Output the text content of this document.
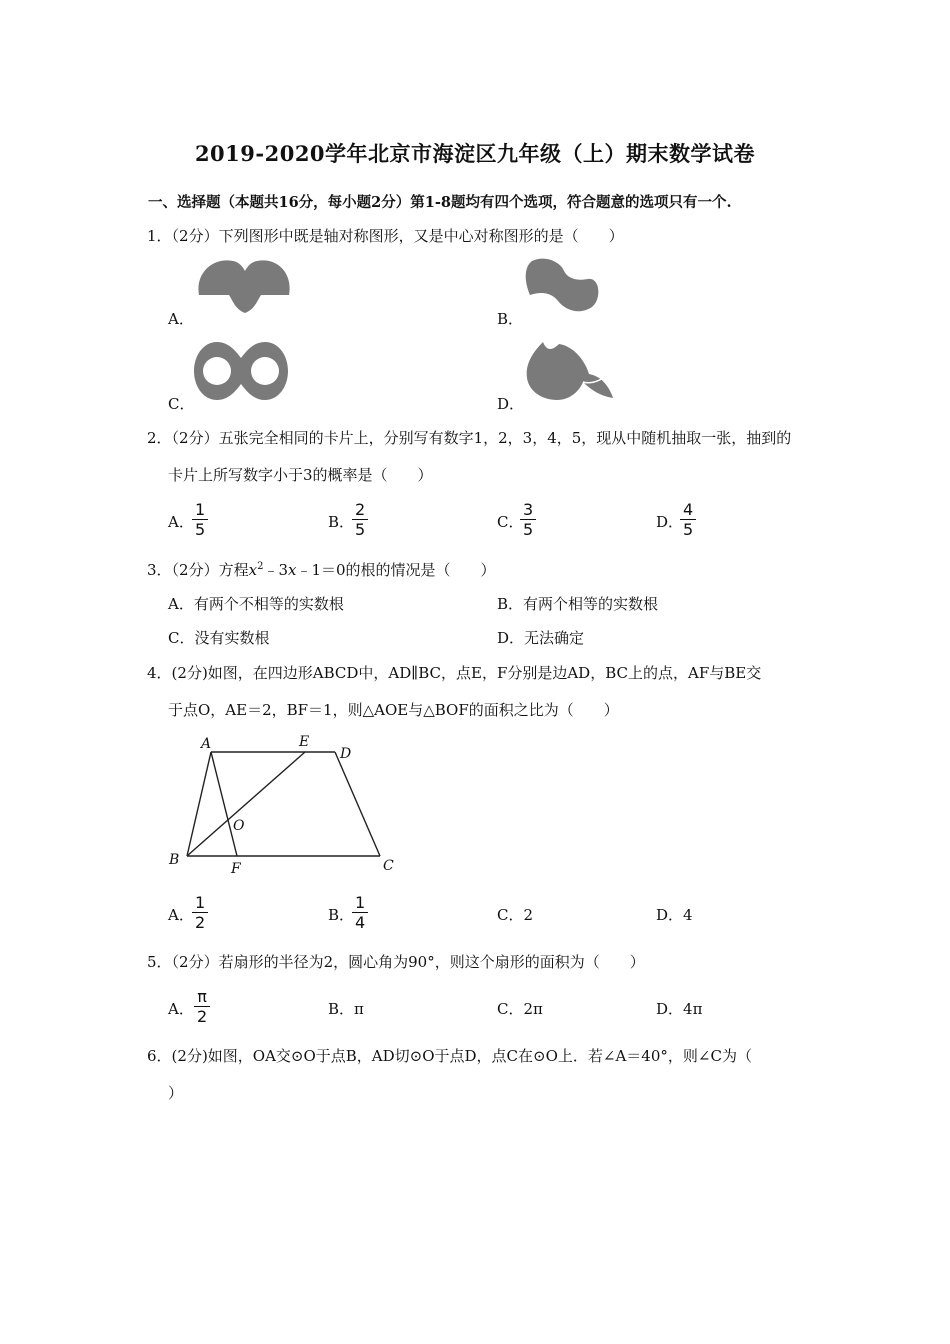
2019-2020学年北京市海淀区九年级（上）期末数学试卷
一、选择题（本题共16分，每小题2分）第1-8题均有四个选项，符合题意的选项只有一个.
1．（2分）下列图形中既是轴对称图形，又是中心对称图形的是（　　）
A．	B．
C．	D．
2．（2分）五张完全相同的卡片上，分别写有数字1，2，3，4，5，现从中随机抽取一张，抽到的
卡片上所写数字小于3的概率是（　　）
A．
$\frac{1}{5}$	B．
$\frac{2}{5}$	C．
$\frac{3}{5}$	D．
$\frac{4}{5}$
3．（2分）方程$x^2﹣3x﹣1=0$的根的情况是（　　）
A．有两个不相等的实数根	B．有两个相等的实数根
C．没有实数根	D．无法确定
4．(2分)如图，在四边形ABCD中，AD∥BC，点E，F分别是边AD，BC上的点，AF与BE交
于点O，AE＝2，BF＝1，则△AOE与△BOF的面积之比为（　　）
A	E
D
O
B
F	C
A．
$\frac{1}{2}$	B．
$\frac{1}{4}$	C．2	D．4
5．（2分）若扇形的半径为2，圆心角为90°，则这个扇形的面积为（　　）
A． $\frac{\pi}{2}$	B．π	C．2π	D．4π
6．(2分)如图，OA交⊙O于点B，AD切⊙O于点D，点C在⊙O上．若∠A＝40°，则∠C为（
）
